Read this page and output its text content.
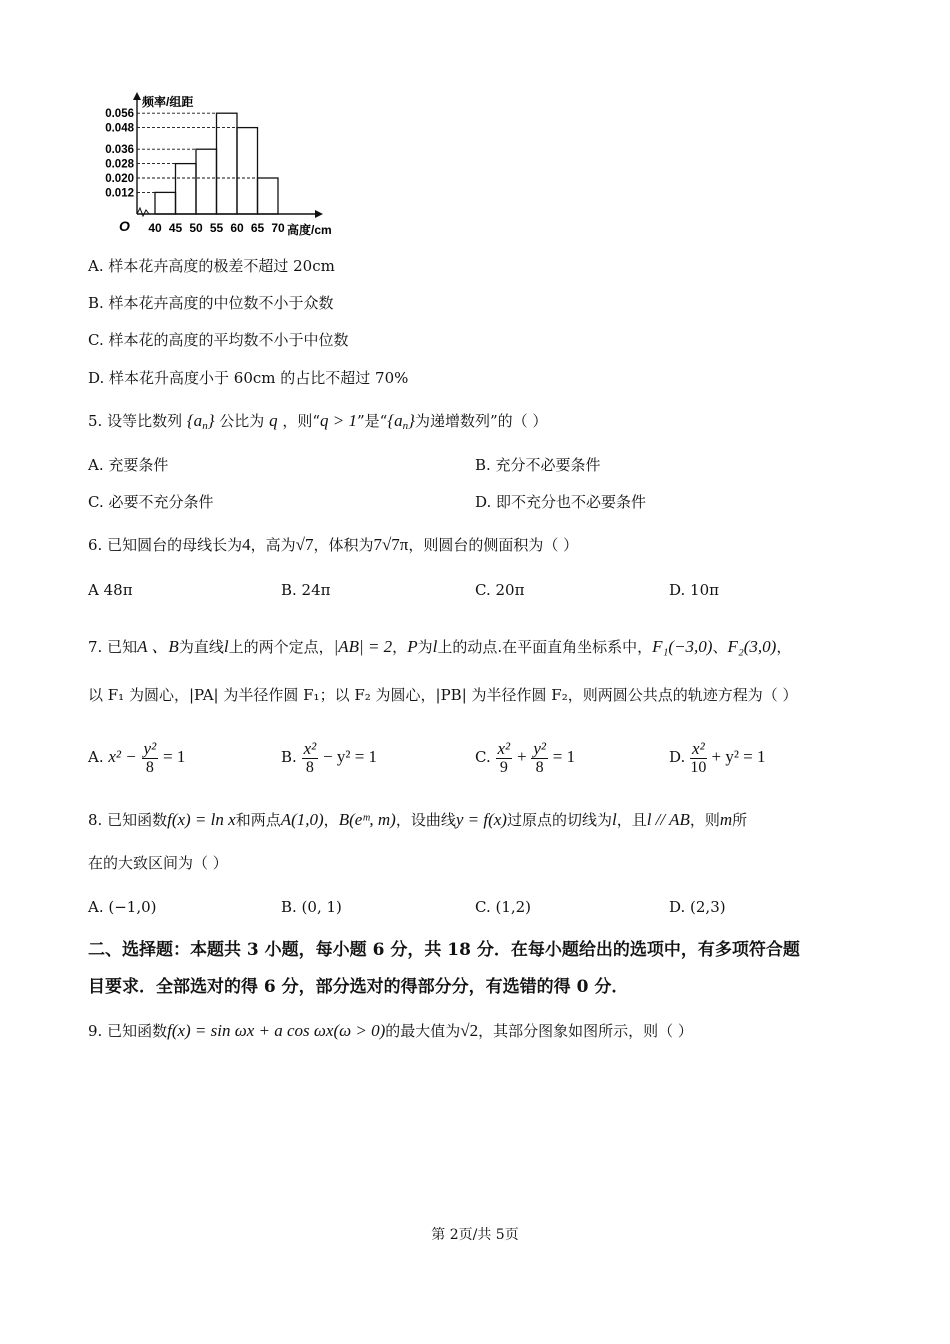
频率/组距
高度/cm
O
0.056
0.048
0.036
0.028
0.020
0.012
40 45 50 55 60 65 70
A. 样本花卉高度的极差不超过 20cm
B. 样本花卉高度的中位数不小于众数
C. 样本花的高度的平均数不小于中位数
D. 样本花升高度小于 60cm 的占比不超过 70%
5. 设等比数列 $\{a_n\}$ 公比为 q ，则“q > 1”是“$\{a_n\}$为递增数列”的（ ）
A. 充要条件	B. 充分不必要条件
C. 必要不充分条件	D. 即不充分也不必要条件
6. 已知圆台的母线长为4，高为√7，体积为7√7π，则圆台的侧面积为（ ）
A 48π	B. 24π	C. 20π	D. 10π
7. 已知A 、B为直线l上的两个定点，|AB| = 2，P为l上的动点.在平面直角坐标系中，F₁(−3,0)、F₂(3,0)，
以 F₁ 为圆心，|PA| 为半径作圆 F₁；以 F₂ 为圆心，|PB| 为半径作圆 F₂，则两圆公共点的轨迹方程为（ ）
A. $x^2 - \frac{\text{y²}}{8} = 1$	B. $\frac{\text{x²}}{8} - y^2 = 1$	C. $\frac{\text{x²}}{9} + \frac{\text{y²}}{8} = 1$	D. $\frac{\text{x²}}{10} + y^2 = 1$
8. 已知函数f(x) = ln x和两点A(1,0)，B(eᵐ, m)，设曲线y = f(x)过原点的切线为l，且l // AB，则m所
在的大致区间为（ ）
A. (−1,0)	B. (0, 1)	C. (1,2)	D. (2,3)
二、选择题：本题共 3 小题，每小题 6 分，共 18 分．在每小题给出的选项中，有多项符合题
目要求．全部选对的得 6 分，部分选对的得部分分，有选错的得 0 分．
9. 已知函数f(x) = sin ωx + a cos ωx(ω > 0)的最大值为√2，其部分图象如图所示，则（ ）
第 2页/共 5页
